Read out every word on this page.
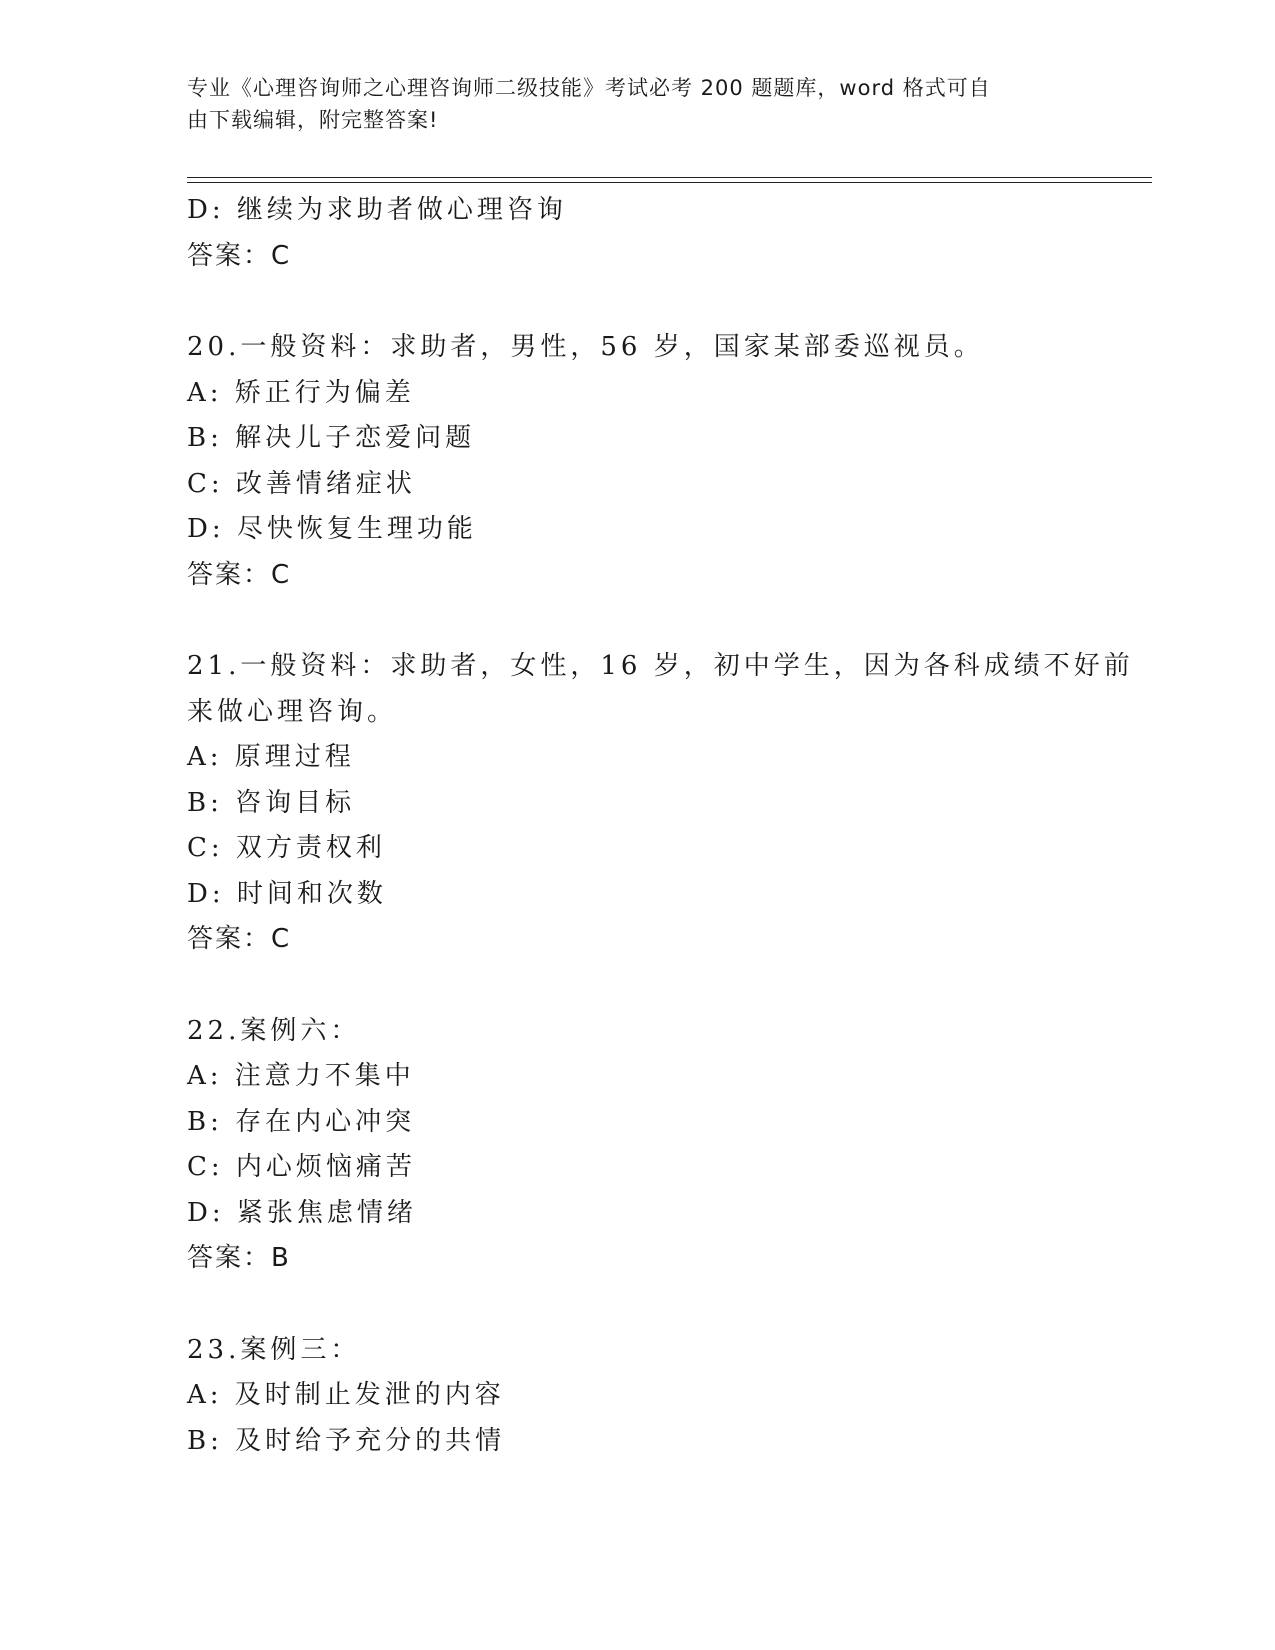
专业《心理咨询师之心理咨询师二级技能》考试必考 200 题题库，word 格式可自
由下载编辑，附完整答案!
D: 继续为求助者做心理咨询
答案：C
20.一般资料：求助者，男性，56 岁，国家某部委巡视员。
A: 矫正行为偏差
B: 解决儿子恋爱问题
C: 改善情绪症状
D: 尽快恢复生理功能
答案：C
21.一般资料：求助者，女性，16 岁，初中学生，因为各科成绩不好前
来做心理咨询。
A: 原理过程
B: 咨询目标
C: 双方责权利
D: 时间和次数
答案：C
22.案例六：
A: 注意力不集中
B: 存在内心冲突
C: 内心烦恼痛苦
D: 紧张焦虑情绪
答案：B
23.案例三：
A: 及时制止发泄的内容
B: 及时给予充分的共情
